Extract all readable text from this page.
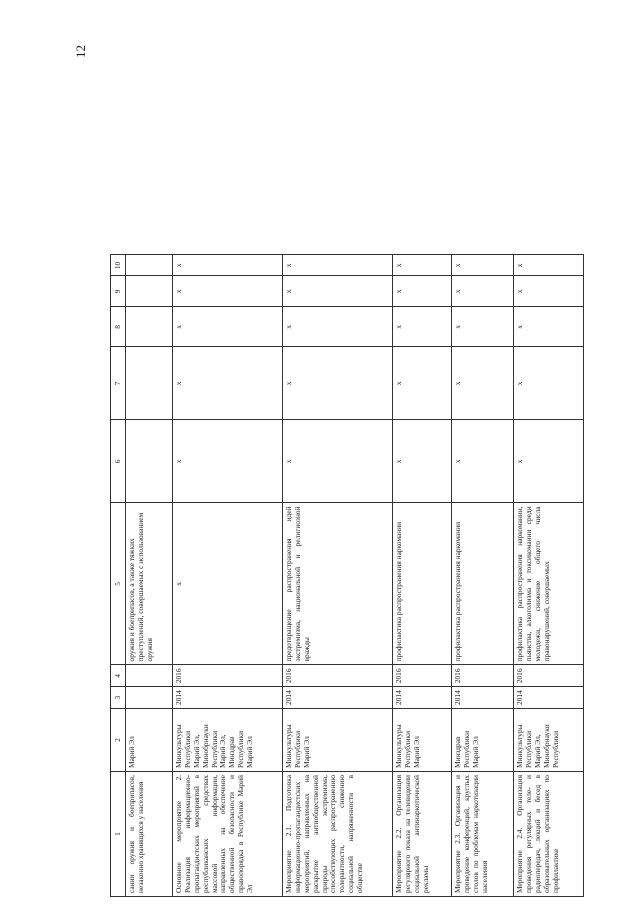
12
1	2	3	4	5	6	7	8	9	10
сании оружия и боеприпасов, незаконно хранящихся у населения	Марий Эл			оружия и боеприпасов, а также тяжких преступлений, совершаемых с использованием оружия					
Основное мероприятие 2. Реализация информационно-пропагандистских мероприятий в республиканских средствах массовой информации, направленных на обеспечение общественной безопасности и правопорядка в Республике Марий Эл	Минкультуры Республики Марий Эл, Минобрнауки Республики Марий Эл, Минздрав Республики Марий Эл	2014	2016	х	х	х	х	х	х
Мероприятие 2.1. Подготовка информационно-пропагандистских мероприятий, направленных на раскрытие антиобщественной природы экстремизма, способствующих распространению толерантности, снижению социальной напряженности в обществе	Минкультуры Республики Марий Эл	2014	2016	предотвращение распространения идей экстремизма, национальной и религиозной вражды	х	х	х	х	х
Мероприятие 2.2. Организация регулярного показа на телевидении социальной антинаркотической рекламы	Минкультуры Республики Марий Эл	2014	2016	профилактика распространения наркомании	х	х	х	х	х
Мероприятие 2.3. Организация и проведение конференций, круглых столов по проблемам наркотизации населения	Минздрав Республики Марий Эл	2014	2016	профилактика распространения наркомании	х	х	х	х	х
Мероприятие 2.4. Организация проведения регулярных теле- и радиопередач, лекций и бесед в образовательных организациях по профилактике	Минкультуры Республики Марий Эл, Минобрнауки Республики	2014	2016	профилактика распространения наркомании, пьянства, алкоголизма и токсикомании среди молодежи, снижение общего числа правонарушений, совершаемых	х	х	х	х	х
